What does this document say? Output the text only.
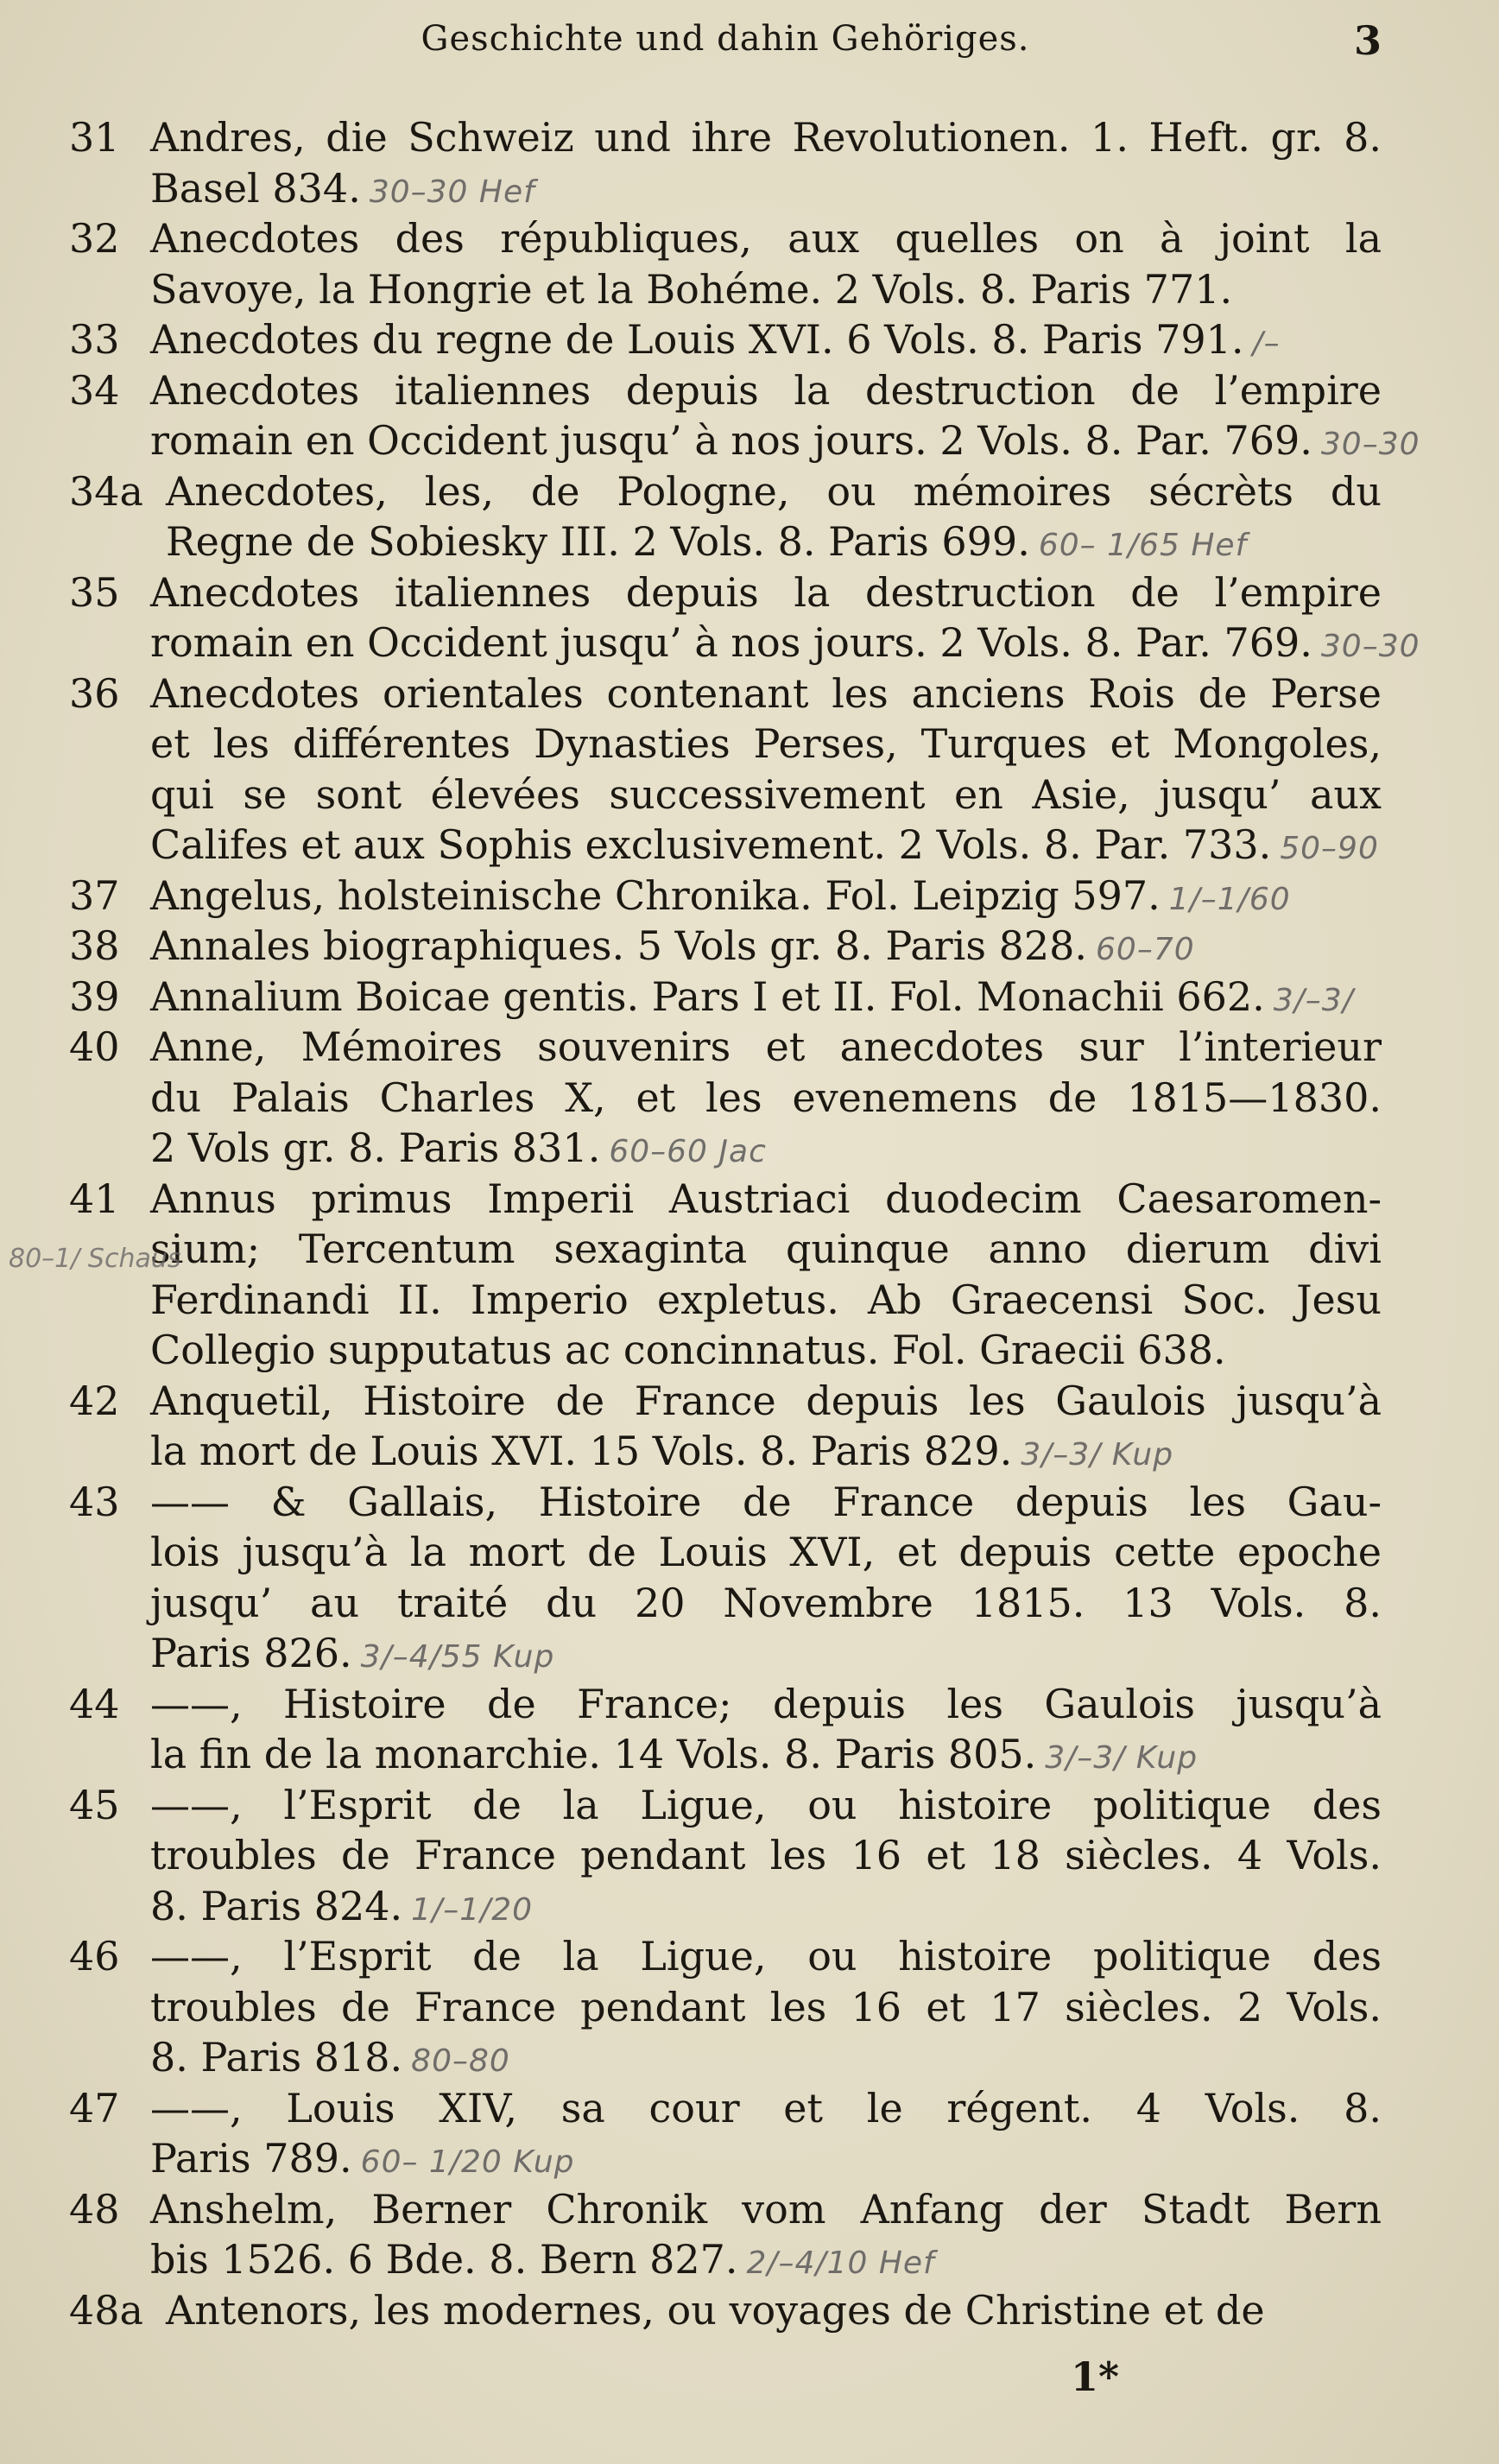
Geschichte und dahin Gehöriges.	3
31 Andres, die Schweiz und ihre Revolutionen. 1. Heft. gr. 8.
Basel 834. 30–30 Hef
32 Anecdotes des républiques, aux quelles on à joint la
Savoye, la Hongrie et la Bohéme. 2 Vols. 8. Paris 771.
33 Anecdotes du regne de Louis XVI. 6 Vols. 8. Paris 791. /–
34 Anecdotes italiennes depuis la destruction de l’empire
romain en Occident jusqu’ à nos jours. 2 Vols. 8. Par. 769. 30–30
34a Anecdotes, les, de Pologne, ou mémoires sécrèts du
Regne de Sobiesky III. 2 Vols. 8. Paris 699. 60– 1/65 Hef
35 Anecdotes italiennes depuis la destruction de l’empire
romain en Occident jusqu’ à nos jours. 2 Vols. 8. Par. 769. 30–30
36 Anecdotes orientales contenant les anciens Rois de Perse
et les différentes Dynasties Perses, Turques et Mongoles,
qui se sont élevées successivement en Asie, jusqu’ aux
Califes et aux Sophis exclusivement. 2 Vols. 8. Par. 733. 50–90
37 Angelus, holsteinische Chronika. Fol. Leipzig 597. 1/–1/60
38 Annales biographiques. 5 Vols gr. 8. Paris 828. 60–70
39 Annalium Boicae gentis. Pars I et II. Fol. Monachii 662. 3/–3/
40 Anne, Mémoires souvenirs et anecdotes sur l’interieur
du Palais Charles X, et les evenemens de 1815—1830.
2 Vols gr. 8. Paris 831. 60–60 Jac
41 Annus primus Imperii Austriaci duodecim Caesaromen-
sium; Tercentum sexaginta quinque anno dierum divi
Ferdinandi II. Imperio expletus. Ab Graecensi Soc. Jesu
Collegio supputatus ac concinnatus. Fol. Graecii 638.
42 Anquetil, Histoire de France depuis les Gaulois jusqu’à
la mort de Louis XVI. 15 Vols. 8. Paris 829. 3/–3/ Kup
43 —— & Gallais, Histoire de France depuis les Gau-
lois jusqu’à la mort de Louis XVI, et depuis cette epoche
jusqu’ au traité du 20 Novembre 1815. 13 Vols. 8.
Paris 826. 3/–4/55 Kup
44 ——, Histoire de France; depuis les Gaulois jusqu’à
la fin de la monarchie. 14 Vols. 8. Paris 805. 3/–3/ Kup
45 ——, l’Esprit de la Ligue, ou histoire politique des
troubles de France pendant les 16 et 18 siècles. 4 Vols.
8. Paris 824. 1/–1/20
46 ——, l’Esprit de la Ligue, ou histoire politique des
troubles de France pendant les 16 et 17 siècles. 2 Vols.
8. Paris 818. 80–80
47 ——, Louis XIV, sa cour et le régent. 4 Vols. 8.
Paris 789. 60– 1/20 Kup
48 Anshelm, Berner Chronik vom Anfang der Stadt Bern
bis 1526. 6 Bde. 8. Bern 827. 2/–4/10 Hef
48a Antenors, les modernes, ou voyages de Christine et de
80–1/ Schaus
1*
